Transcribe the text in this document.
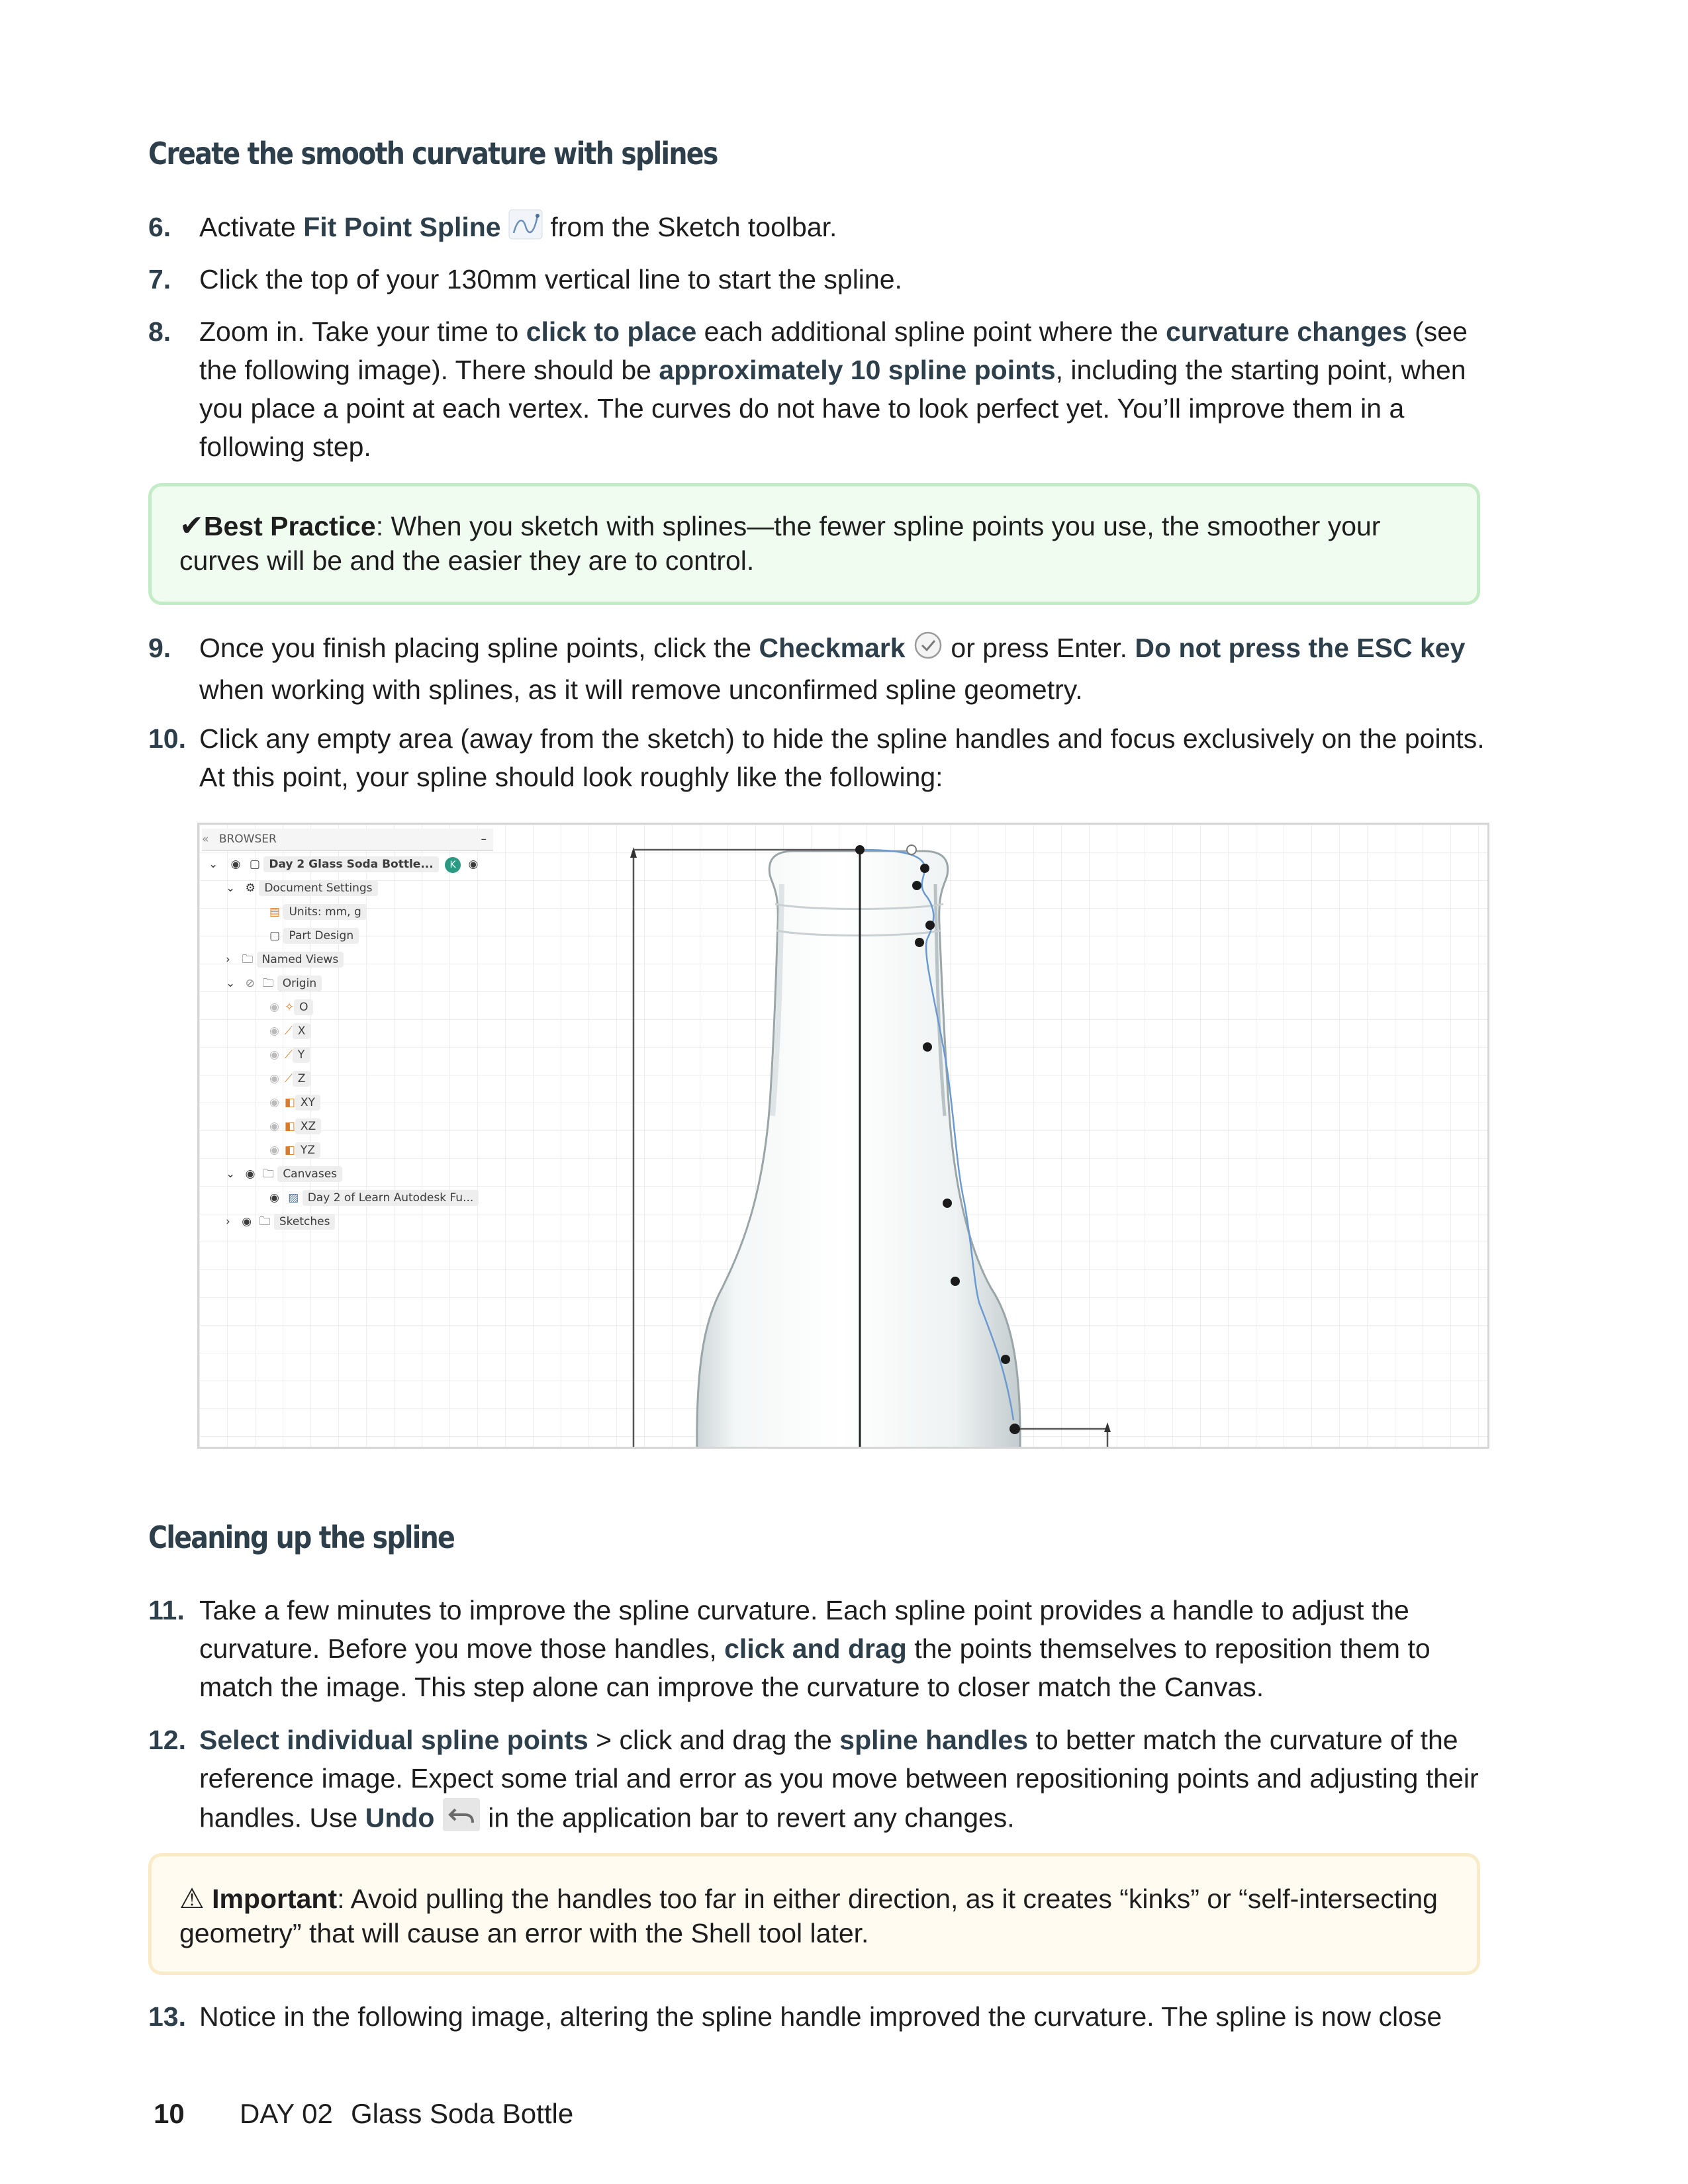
Create the smooth curvature with splines
6. Activate Fit Point Spline  from the Sketch toolbar.
7. Click the top of your 130mm vertical line to start the spline.
8. Zoom in. Take your time to click to place each additional spline point where the curvature changes (see the following image). There should be approximately 10 spline points, including the starting point, when you place a point at each vertex. The curves do not have to look perfect yet. You’ll improve them in a following step.
✔Best Practice: When you sketch with splines—the fewer spline points you use, the smoother your curves will be and the easier they are to control.
9. Once you finish placing spline points, click the Checkmark  or press Enter. Do not press the ESC key when working with splines, as it will remove unconfirmed spline geometry.
10. Click any empty area (away from the sketch) to hide the spline handles and focus exclusively on the points. At this point, your spline should look roughly like the following:
« BROWSER	–
⌄ ◉ ▢ Day 2 Glass Soda Bottle... K ◉
⌄ ⚙ Document Settings
▤ Units: mm, g
▢ Part Design
› 🗀 Named Views
⌄ ⊘ 🗀 Origin
◉ ✧ O
◉ ⟋ X
◉ ⟋ Y
◉ ⟋ Z
◉ ◧ XY
◉ ◧ XZ
◉ ◧ YZ
⌄ ◉ 🗀 Canvases
◉ ▨ Day 2 of Learn Autodesk Fu...
› ◉ 🗀 Sketches
Cleaning up the spline
11. Take a few minutes to improve the spline curvature. Each spline point provides a handle to adjust the curvature. Before you move those handles, click and drag the points themselves to reposition them to match the image. This step alone can improve the curvature to closer match the Canvas.
12. Select individual spline points > click and drag the spline handles to better match the curvature of the reference image. Expect some trial and error as you move between repositioning points and adjusting their handles. Use Undo  in the application bar to revert any changes.
⚠ Important: Avoid pulling the handles too far in either direction, as it creates “kinks” or “self-intersecting geometry” that will cause an error with the Shell tool later.
13. Notice in the following image, altering the spline handle improved the curvature. The spline is now close
10 DAY 02 Glass Soda Bottle
